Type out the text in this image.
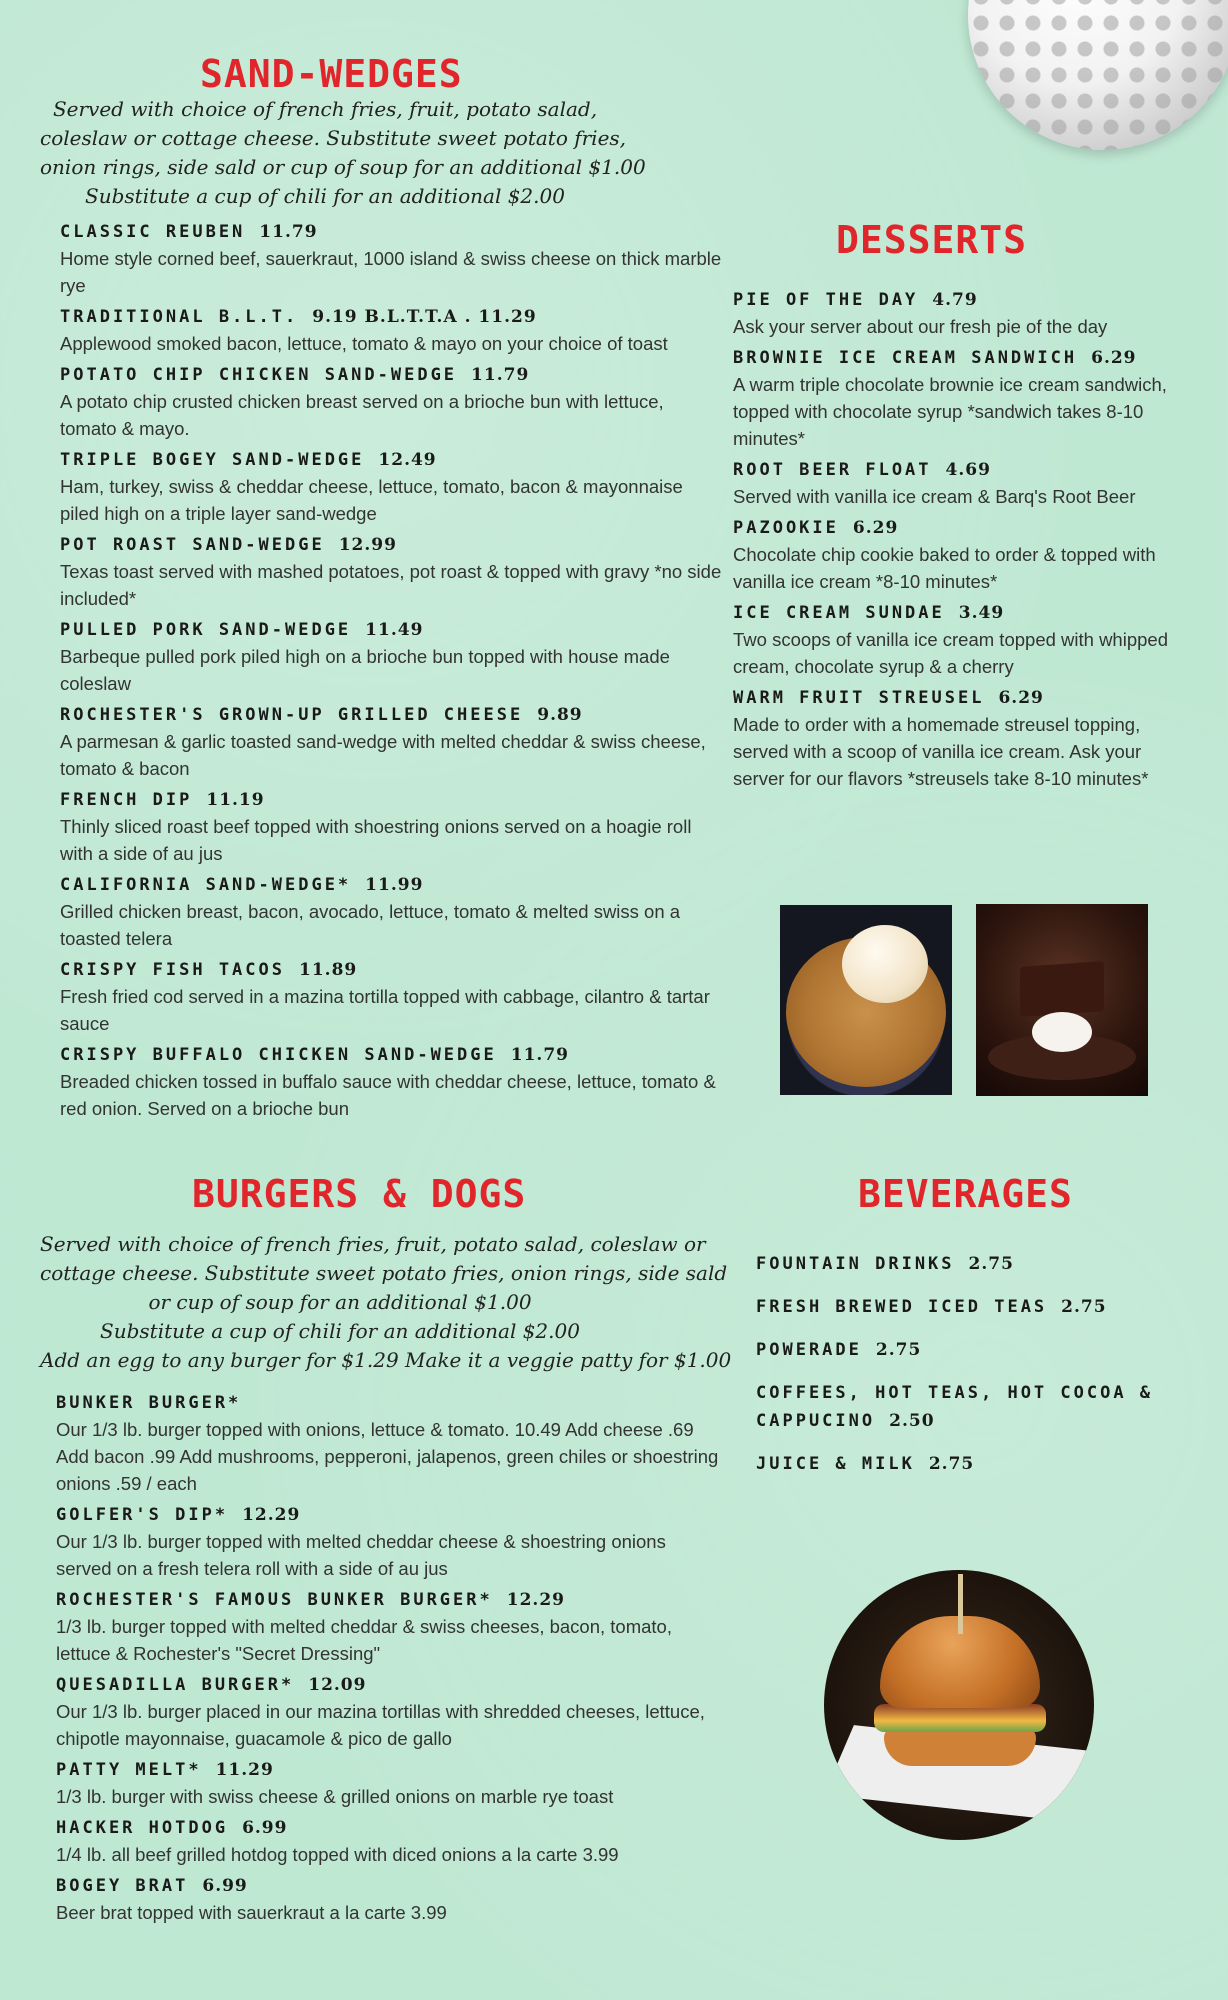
SAND-WEDGES
Served with choice of french fries, fruit, potato salad,
coleslaw or cottage cheese. Substitute sweet potato fries,
onion rings, side sald or cup of soup for an additional $1.00
Substitute a cup of chili for an additional $2.00

CLASSIC REUBEN 11.79

Home style corned beef, sauerkraut, 1000 island & swiss cheese on thick marble rye

TRADITIONAL B.L.T. 9.19 B.L.T.T.A . 11.29

Applewood smoked bacon, lettuce, tomato & mayo on your choice of toast

POTATO CHIP CHICKEN SAND-WEDGE 11.79

A potato chip crusted chicken breast served on a brioche bun with lettuce, tomato & mayo.

TRIPLE BOGEY SAND-WEDGE 12.49

Ham, turkey, swiss & cheddar cheese, lettuce, tomato, bacon & mayonnaise piled high on a triple layer sand-wedge

POT ROAST SAND-WEDGE 12.99

Texas toast served with mashed potatoes, pot roast & topped with gravy *no side included*

PULLED PORK SAND-WEDGE 11.49

Barbeque pulled pork piled high on a brioche bun topped with house made coleslaw

ROCHESTER'S GROWN-UP GRILLED CHEESE 9.89

A parmesan & garlic toasted sand-wedge with melted cheddar & swiss cheese, tomato & bacon

FRENCH DIP 11.19

Thinly sliced roast beef topped with shoestring onions served on a hoagie roll with a side of au jus

CALIFORNIA SAND-WEDGE* 11.99

Grilled chicken breast, bacon, avocado, lettuce, tomato & melted swiss on a toasted telera

CRISPY FISH TACOS 11.89

Fresh fried cod served in a mazina tortilla topped with cabbage, cilantro & tartar sauce

CRISPY BUFFALO CHICKEN SAND-WEDGE 11.79

Breaded chicken tossed in buffalo sauce with cheddar cheese, lettuce, tomato & red onion. Served on a brioche bun

DESSERTS

PIE OF THE DAY 4.79

Ask your server about our fresh pie of the day

BROWNIE ICE CREAM SANDWICH 6.29

A warm triple chocolate brownie ice cream sandwich, topped with chocolate syrup *sandwich takes 8-10 minutes*

ROOT BEER FLOAT 4.69

Served with vanilla ice cream & Barq's Root Beer

PAZOOKIE 6.29

Chocolate chip cookie baked to order & topped with vanilla ice cream *8-10 minutes*

ICE CREAM SUNDAE 3.49

Two scoops of vanilla ice cream topped with whipped cream, chocolate syrup & a cherry

WARM FRUIT STREUSEL 6.29

Made to order with a homemade streusel topping, served with a scoop of vanilla ice cream. Ask your server for our flavors *streusels take 8-10 minutes*

BURGERS & DOGS
Served with choice of french fries, fruit, potato salad, coleslaw or
cottage cheese. Substitute sweet potato fries, onion rings, side sald
or cup of soup for an additional $1.00
Substitute a cup of chili for an additional $2.00
Add an egg to any burger for $1.29 Make it a veggie patty for $1.00

BUNKER BURGER*

Our 1/3 lb. burger topped with onions, lettuce & tomato. 10.49 Add cheese .69 Add bacon .99 Add mushrooms, pepperoni, jalapenos, green chiles or shoestring onions .59 / each

GOLFER'S DIP* 12.29

Our 1/3 lb. burger topped with melted cheddar cheese & shoestring onions served on a fresh telera roll with a side of au jus

ROCHESTER'S FAMOUS BUNKER BURGER* 12.29

1/3 lb. burger topped with melted cheddar & swiss cheeses, bacon, tomato, lettuce & Rochester's "Secret Dressing"

QUESADILLA BURGER* 12.09

Our 1/3 lb. burger placed in our mazina tortillas with shredded cheeses, lettuce, chipotle mayonnaise, guacamole & pico de gallo

PATTY MELT* 11.29

1/3 lb. burger with swiss cheese & grilled onions on marble rye toast

HACKER HOTDOG 6.99

1/4 lb. all beef grilled hotdog topped with diced onions a la carte 3.99

BOGEY BRAT 6.99

Beer brat topped with sauerkraut a la carte 3.99

BEVERAGES

FOUNTAIN DRINKS 2.75

FRESH BREWED ICED TEAS 2.75

POWERADE 2.75

COFFEES, HOT TEAS, HOT COCOA & CAPPUCINO 2.50

JUICE & MILK 2.75
